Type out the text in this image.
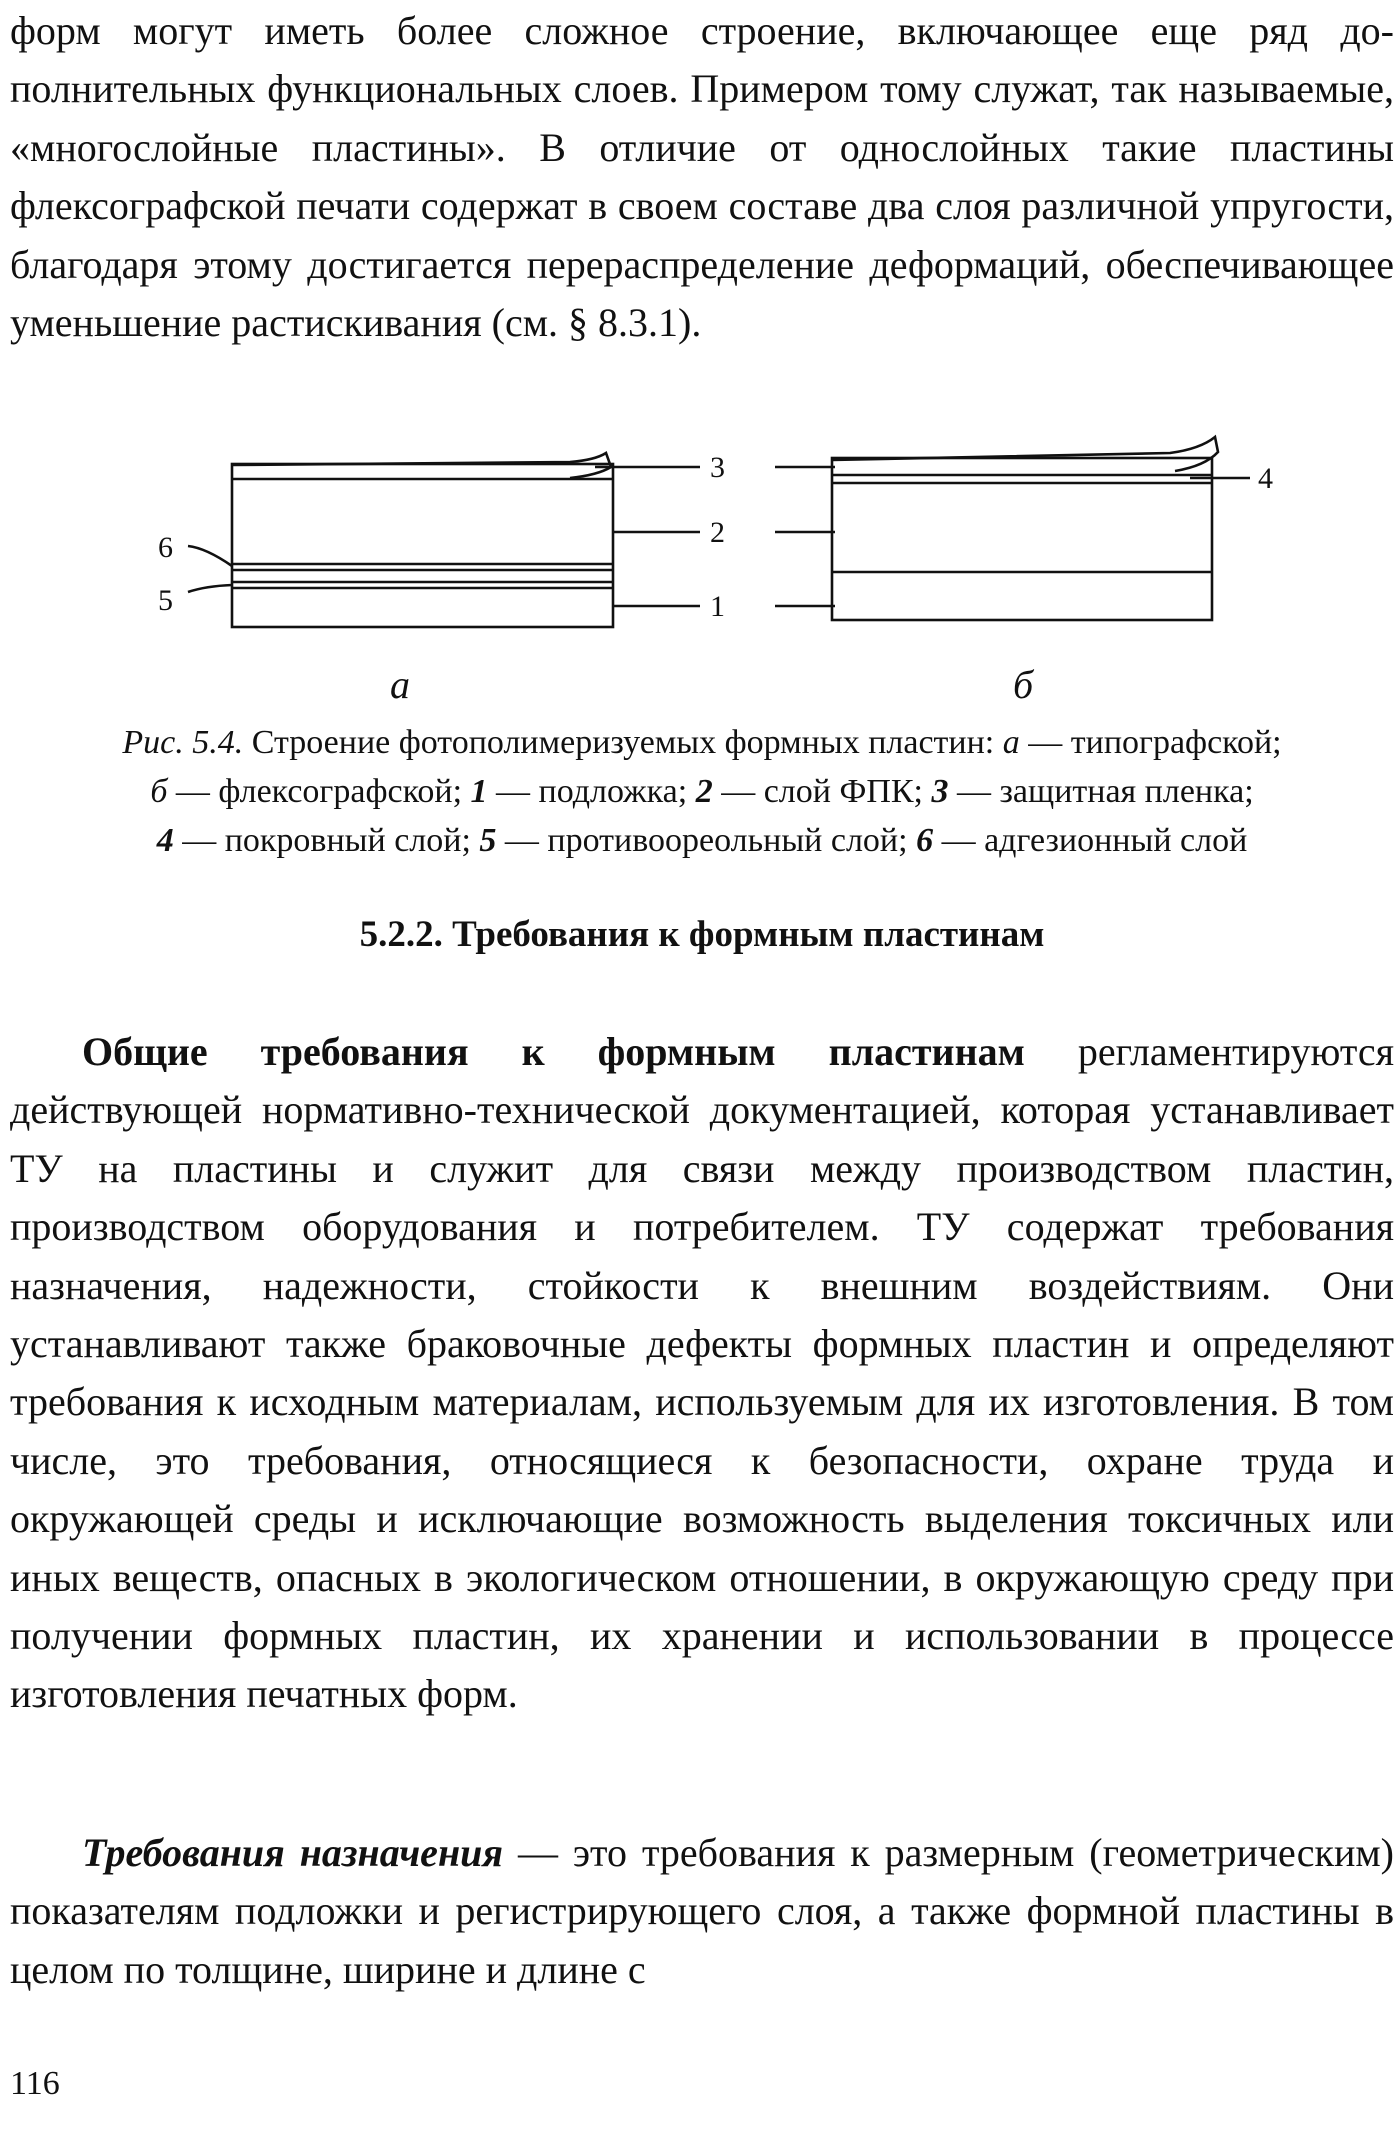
форм могут иметь более сложное строение, включающее еще ряд дополнительных функциональных слоев. Примером тому служат, так называемые, «многослойные пластины». В отличие от однослойных такие пластины флексографской печати содержат в своем составе два слоя различной упругости, благодаря этому достигается перераспределение деформаций, обеспечивающее уменьшение растискивания (см. § 8.3.1).

6
5
3
2
1
4
а	б
Рис. 5.4. Строение фотополимеризуемых формных пластин: а — типографской;
б — флексографской; 1 — подложка; 2 — слой ФПК; 3 — защитная пленка;
4 — покровный слой; 5 — противоореольный слой; 6 — адгезионный слой
5.2.2. Требования к формным пластинам

Общие требования к формным пластинам регламентируются действующей нормативно-технической документацией, которая устанавливает ТУ на пластины и служит для связи между производством пластин, производством оборудования и потребителем. ТУ содержат требования назначения, надежности, стойкости к внешним воздействиям. Они устанавливают также браковочные дефекты формных пластин и определяют требования к исходным материалам, используемым для их изготовления. В том числе, это требования, относящиеся к безопасности, охране труда и окружающей среды и исключающие возможность выделения токсичных или иных веществ, опасных в экологическом отношении, в окружающую среду при получении формных пластин, их хранении и использовании в процессе изготовления печатных форм.

Требования назначения — это требования к размерным (геометрическим) показателям подложки и регистрирующего слоя, а также формной пластины в целом по толщине, ширине и длине с

116
